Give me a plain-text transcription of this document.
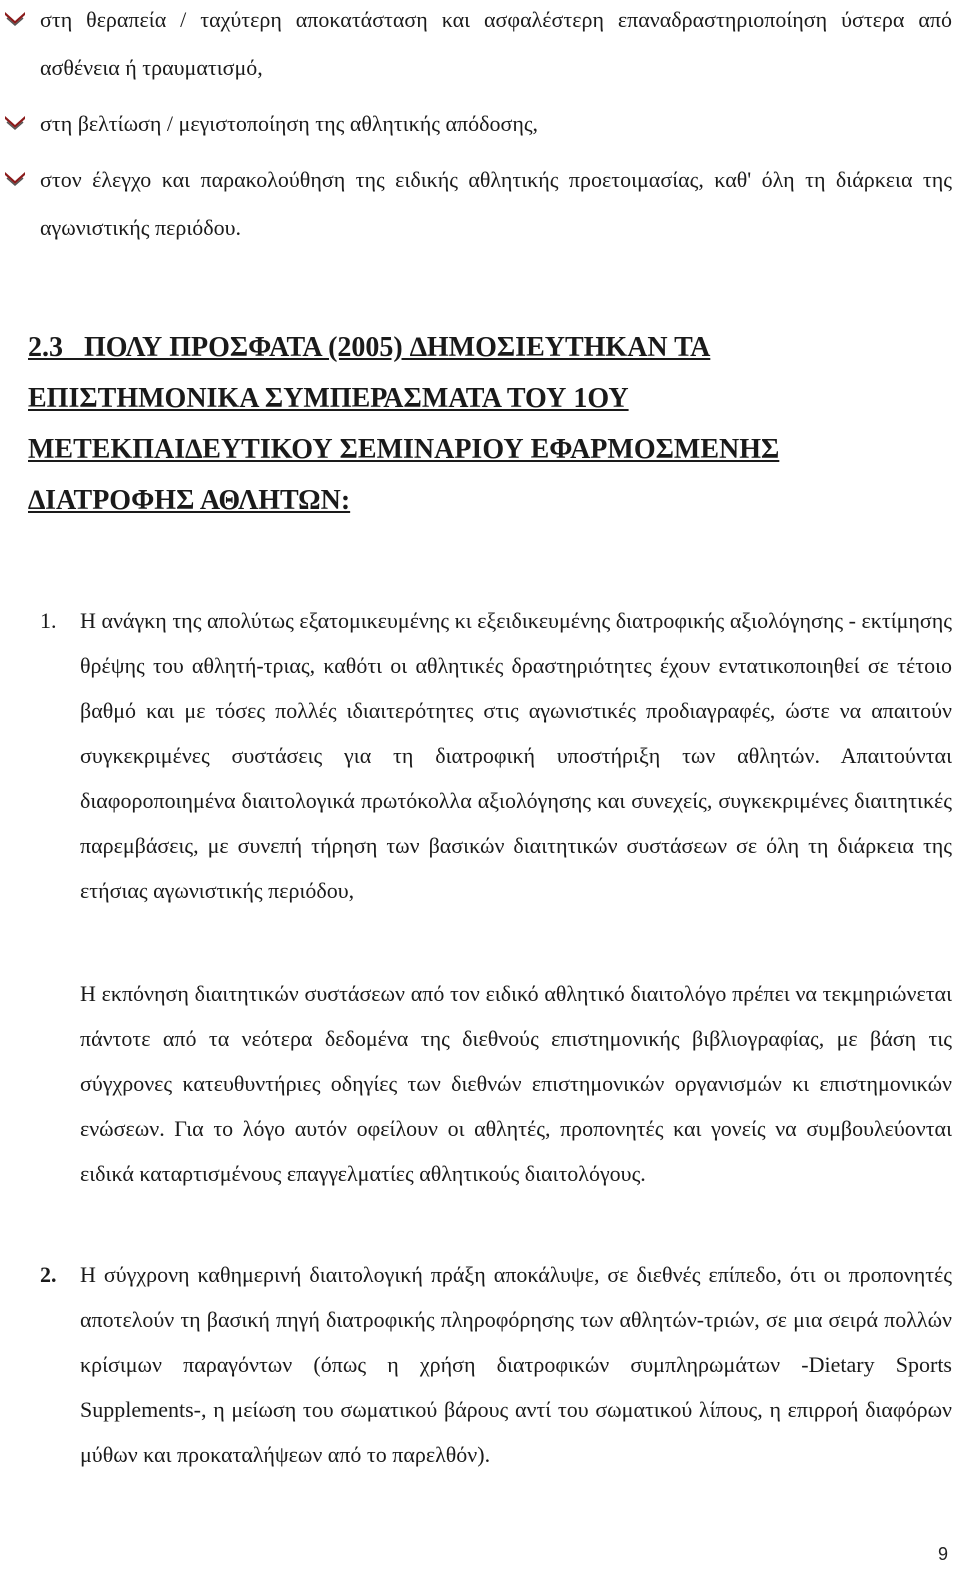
στη θεραπεία / ταχύτερη αποκατάσταση και ασφαλέστερη επαναδραστηριοποίηση ύστερα από ασθένεια ή τραυματισμό,

στη βελτίωση / μεγιστοποίηση της αθλητικής απόδοσης,

στον έλεγχο και παρακολούθηση της ειδικής αθλητικής προετοιμασίας, καθ' όλη τη διάρκεια της αγωνιστικής περιόδου.

2.3 ΠΟΛΥ ΠΡΟΣΦΑΤΑ (2005) ∆ΗΜΟΣΙΕΥΤΗΚΑΝ ΤΑ ΕΠΙΣΤΗΜΟΝΙΚΑ ΣΥΜΠΕΡΑΣΜΑΤΑ ΤΟΥ 1ΟΥ ΜΕΤΕΚΠΑΙ∆ΕΥΤΙΚΟΥ ΣΕΜΙΝΑΡΙΟΥ ΕΦΑΡΜΟΣΜΕΝΗΣ ∆ΙΑΤΡΟΦΗΣ ΑΘΛΗΤΩΝ:
1. Η ανάγκη της απολύτως εξατομικευμένης κι εξειδικευμένης διατροφικής αξιολόγησης - εκτίμησης θρέψης του αθλητή-τριας, καθότι οι αθλητικές δραστηριότητες έχουν εντατικοποιηθεί σε τέτοιο βαθμό και με τόσες πολλές ιδιαιτερότητες στις αγωνιστικές προδιαγραφές, ώστε να απαιτούν συγκεκριμένες συστάσεις για τη διατροφική υποστήριξη των αθλητών. Απαιτούνται διαφοροποιημένα διαιτολογικά πρωτόκολλα αξιολόγησης και συνεχείς, συγκεκριμένες διαιτητικές παρεμβάσεις, με συνεπή τήρηση των βασικών διαιτητικών συστάσεων σε όλη τη διάρκεια της ετήσιας αγωνιστικής περιόδου,

Η εκπόνηση διαιτητικών συστάσεων από τον ειδικό αθλητικό διαιτολόγο πρέπει να τεκμηριώνεται πάντοτε από τα νεότερα δεδομένα της διεθνούς επιστημονικής βιβλιογραφίας, με βάση τις σύγχρονες κατευθυντήριες οδηγίες των διεθνών επιστημονικών οργανισμών κι επιστημονικών ενώσεων. Για το λόγο αυτόν οφείλουν οι αθλητές, προπονητές και γονείς να συμβουλεύονται ειδικά καταρτισμένους επαγγελματίες αθλητικούς διαιτολόγους.

2. Η σύγχρονη καθημερινή διαιτολογική πράξη αποκάλυψε, σε διεθνές επίπεδο, ότι οι προπονητές αποτελούν τη βασική πηγή διατροφικής πληροφόρησης των αθλητών-τριών, σε μια σειρά πολλών κρίσιμων παραγόντων (όπως η χρήση διατροφικών συμπληρωμάτων -Dietary Sports Supplements-, η μείωση του σωματικού βάρους αντί του σωματικού λίπους, η επιρροή διαφόρων μύθων και προκαταλήψεων από το παρελθόν).

9
